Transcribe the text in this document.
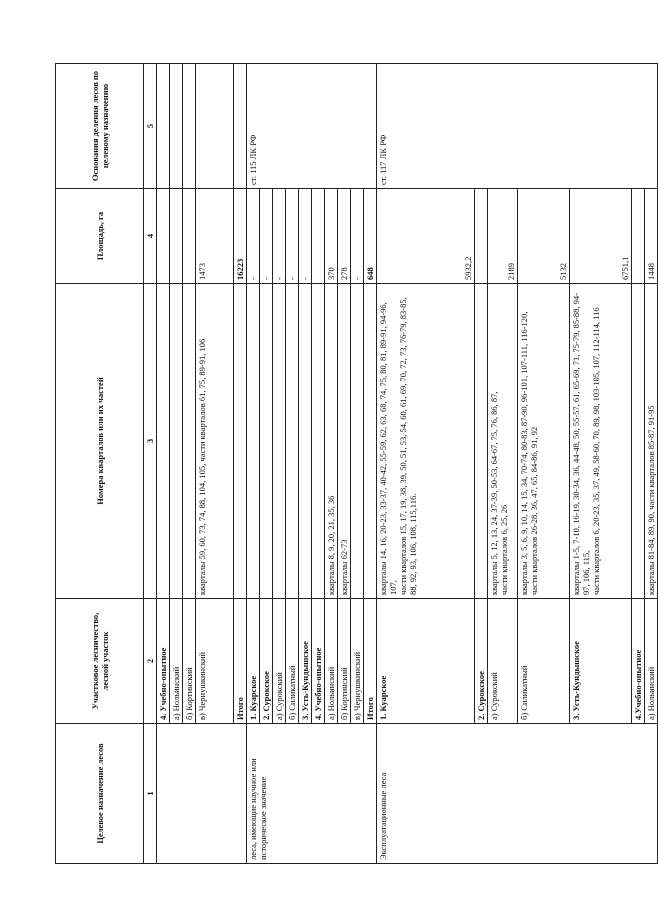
Целевое назначение лесов	Участковое лесничество, лесной участок	Номера кварталов или их частей	Площадь, га	Основания деления лесов по целевому назначению
1	2	3	4	5
	4. Учебно-опытное			
	а) Нольинский			
	б) Кортинский			
	в) Чернушкинский	кварталы 59, 60, 73, 74, 88, 104, 105, части кварталов 61, 75, 89-91, 106	1473	
	Итого		16223	
леса, имеющие научное или историческое значение	1. Куарское		-	ст. 115 ЛК РФ
	2. Сурокское		-	
	а) Сурокский		-	
	б) Силикатный		-	
	3. Усть-Кундышское		-	
	4. Учебно-опытное			
	а) Нольинский	кварталы 8, 9, 20, 21, 35, 36	370	
	б) Кортинский	кварталы 62-73	278	
	в) Чернушкинский		-	
	Итого		648	
Эксплуатационные леса	1. Куарское	кварталы 14, 16, 20-23, 33-37, 40-42, 55-59, 62, 63, 68, 74, 75, 80, 81, 89-91, 94-96, 107,
части кварталов 15, 17, 19, 38, 39, 50, 51, 53, 54, 60, 61, 69, 70, 72, 73, 76-79, 83-85, 88, 92, 93, 106, 108, 115,116.	5932,2	ст. 117 ЛК РФ
	2. Сурокское			
	а) Сурокский	кварталы 5, 12, 13, 24, 37-39, 50-53, 64-67, 75, 76, 86, 87,
части кварталов 6, 25, 26	2189	
	б) Силикатный	кварталы 3, 5, 6, 9, 10, 14, 15, 34, 70-74, 80-83, 87-90, 96-101, 107-111, 116-120,
части кварталов 26-28, 36, 47, 65, 84-86, 91, 92	5132	
	3. Усть-Кундышское	кварталы 1-5, 7-10, 16-19, 30-34, 36, 44-48, 50, 55-57, 61, 65-69, 71, 75-79, 85-88, 94-97, 106, 115,
части кварталов 6, 20-23, 35, 37, 49, 58-60, 70, 89, 98, 103-105, 107, 112-114, 116	6751,1	
	4.Учебно-опытное			
	а) Нольинский	кварталы 81-84, 89, 90, части кварталов 85-87, 91-95	1448	
